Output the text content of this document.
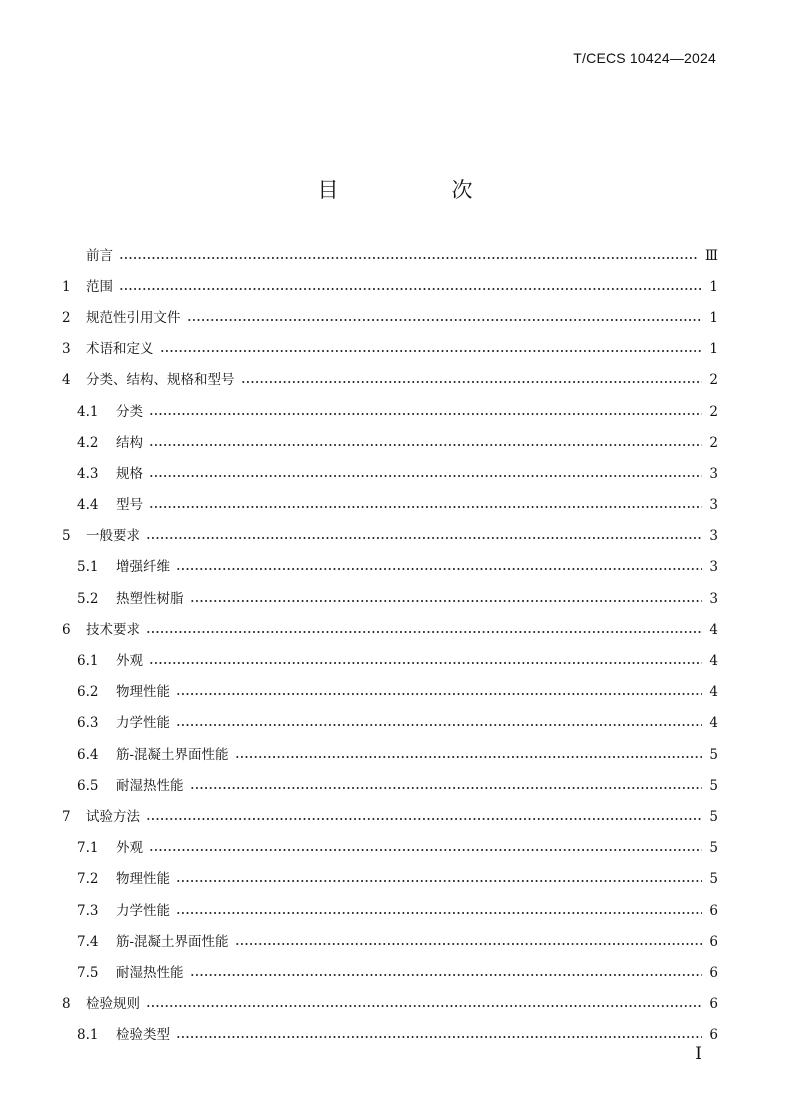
T/CECS 10424—2024
目　次
前言	Ⅲ
1	范围	1
2	规范性引用文件	1
3	术语和定义	1
4	分类、结构、规格和型号	2
4.1	分类	2
4.2	结构	2
4.3	规格	3
4.4	型号	3
5	一般要求	3
5.1	增强纤维	3
5.2	热塑性树脂	3
6	技术要求	4
6.1	外观	4
6.2	物理性能	4
6.3	力学性能	4
6.4	筋-混凝土界面性能	5
6.5	耐湿热性能	5
7	试验方法	5
7.1	外观	5
7.2	物理性能	5
7.3	力学性能	6
7.4	筋-混凝土界面性能	6
7.5	耐湿热性能	6
8	检验规则	6
8.1	检验类型	6
I
